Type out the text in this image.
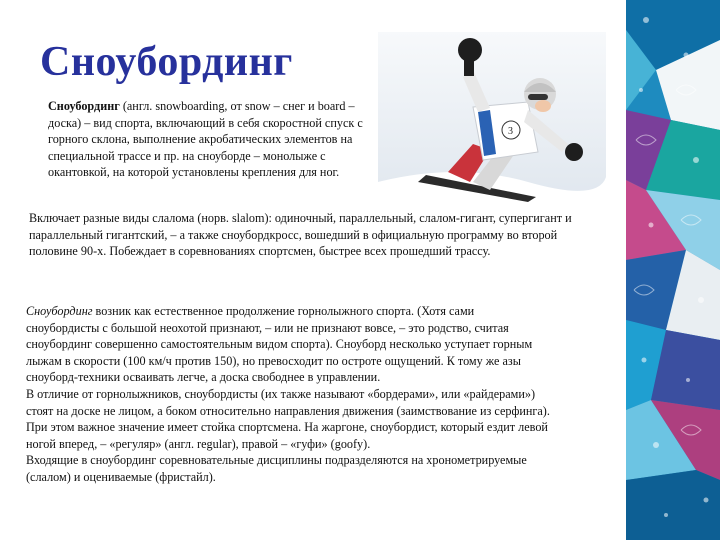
Сноубординг
Сноубординг (англ. snowboarding, от snow – снег и board – доска) – вид спорта, включающий в себя скоростной спуск с горного склона, выполнение акробатических элементов на специальной трассе и пр. на сноуборде – монолыже с окантовкой, на которой установлены крепления для ног.
3
Включает разные виды слалома (норв. slalom): одиночный, параллельный, слалом-гигант, супергигант и параллельный гигантский, – а также сноубордкросс, вошедший в официальную программу во второй половине 90-х. Побеждает в соревнованиях спортсмен, быстрее всех прошедший трассу.
Сноубординг возник как естественное продолжение горнолыжного спорта. (Хотя сами
сноубордисты с большой неохотой признают, – или не признают вовсе, – это родство, считая
сноубординг совершенно самостоятельным видом спорта). Сноуборд несколько уступает горным
лыжам в скорости (100 км/ч против 150), но превосходит по остроте ощущений. К тому же азы
сноуборд-техники осваивать легче, а доска свободнее в управлении.
В отличие от горнолыжников, сноубордисты (их также называют «бордерами», или «райдерами»)
стоят на доске не лицом, а боком относительно направления движения (заимствование из серфинга).
При этом важное значение имеет стойка спортсмена. На жаргоне, сноубордист, который ездит левой
ногой вперед, – «регуляр» (англ. regular), правой – «гуфи» (goofy).
Входящие в сноубординг соревновательные дисциплины подразделяются на хронометрируемые
(слалом) и оцениваемые (фристайл).
